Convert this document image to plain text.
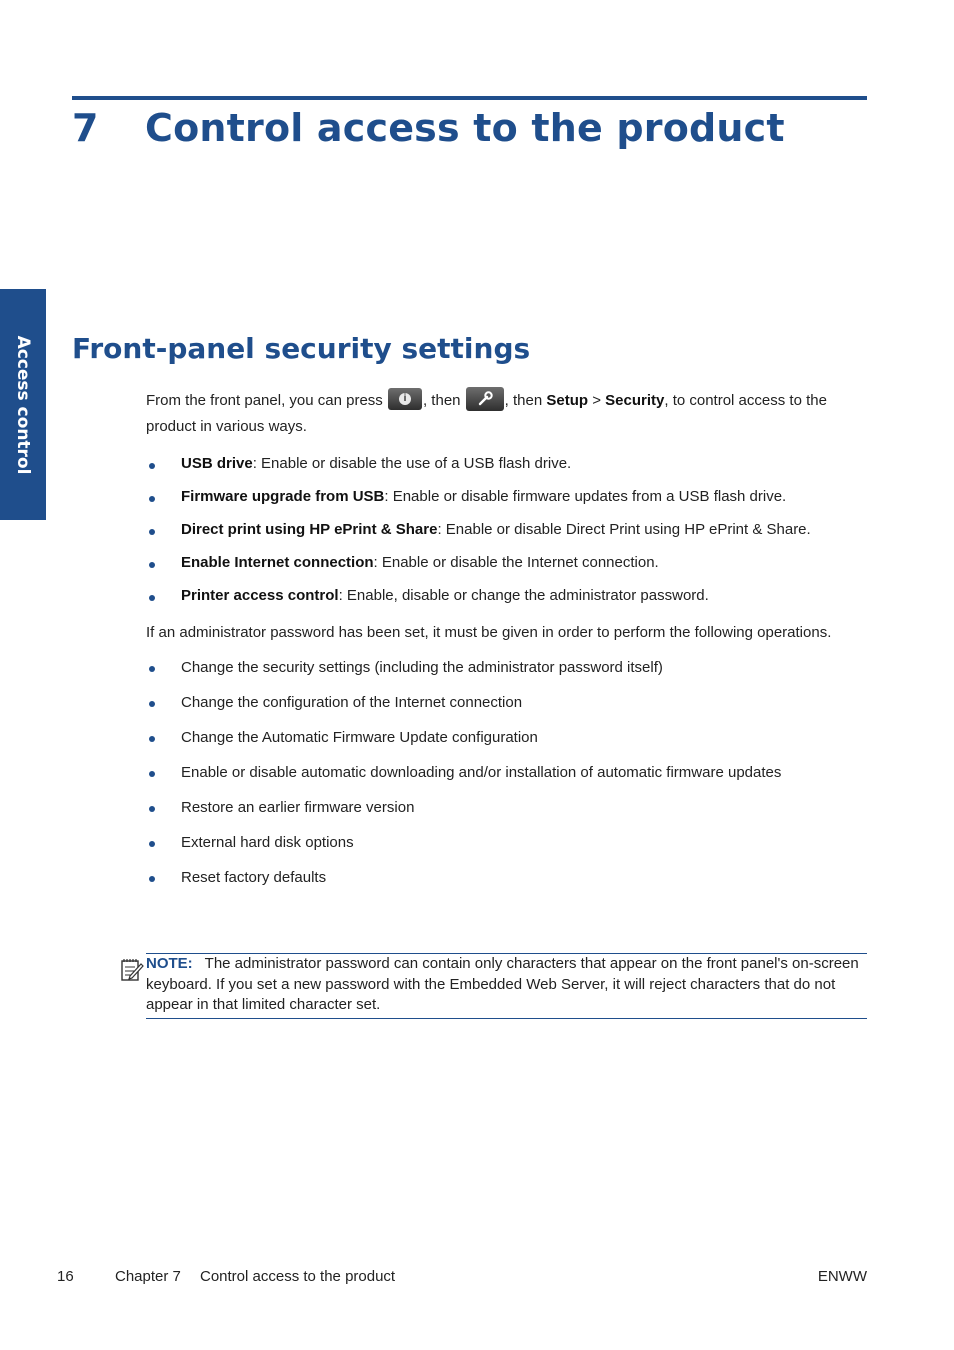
7 Control access to the product
Access control Front-panel security settings

From the front panel, you can press	i	, then	, then Setup > Security, to control access to the product in various ways.

USB drive: Enable or disable the use of a USB flash drive.
Firmware upgrade from USB: Enable or disable firmware updates from a USB flash drive.
Direct print using HP ePrint & Share: Enable or disable Direct Print using HP ePrint & Share.
Enable Internet connection: Enable or disable the Internet connection.
Printer access control: Enable, disable or change the administrator password.

If an administrator password has been set, it must be given in order to perform the following operations.

Change the security settings (including the administrator password itself)
Change the configuration of the Internet connection
Change the Automatic Firmware Update configuration
Enable or disable automatic downloading and/or installation of automatic firmware updates
Restore an earlier firmware version
External hard disk options
Reset factory defaults
NOTE: The administrator password can contain only characters that appear on the front panel's on-screen keyboard. If you set a new password with the Embedded Web Server, it will reject characters that do not appear in that limited character set.
16	Chapter 7 Control access to the product	ENWW
